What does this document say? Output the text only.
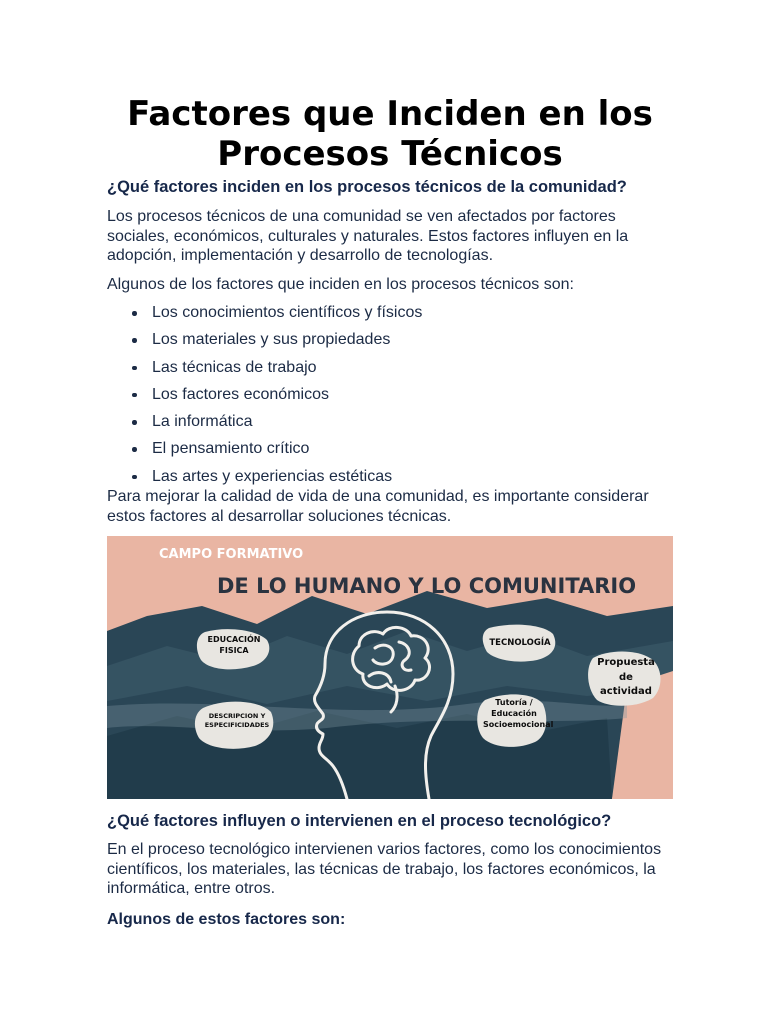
Factores que Inciden en los Procesos Técnicos

¿Qué factores inciden en los procesos técnicos de la comunidad?

Los procesos técnicos de una comunidad se ven afectados por factores sociales, económicos, culturales y naturales. Estos factores influyen en la adopción, implementación y desarrollo de tecnologías.

Algunos de los factores que inciden en los procesos técnicos son:

Los conocimientos científicos y físicos
Los materiales y sus propiedades
Las técnicas de trabajo
Los factores económicos
La informática
El pensamiento crítico
Las artes y experiencias estéticas

Para mejorar la calidad de vida de una comunidad, es importante considerar estos factores al desarrollar soluciones técnicas.

CAMPO FORMATIVO

DE LO HUMANO Y LO COMUNITARIO

EDUCACIÓN FISICA
TECNOLOGÍA
Propuesta de actividad
DESCRIPCION Y ESPECIFICIDADES
Tutoría / Educación Socioemocional

¿Qué factores influyen o intervienen en el proceso tecnológico?

En el proceso tecnológico intervienen varios factores, como los conocimientos científicos, los materiales, las técnicas de trabajo, los factores económicos, la informática, entre otros.

Algunos de estos factores son:
